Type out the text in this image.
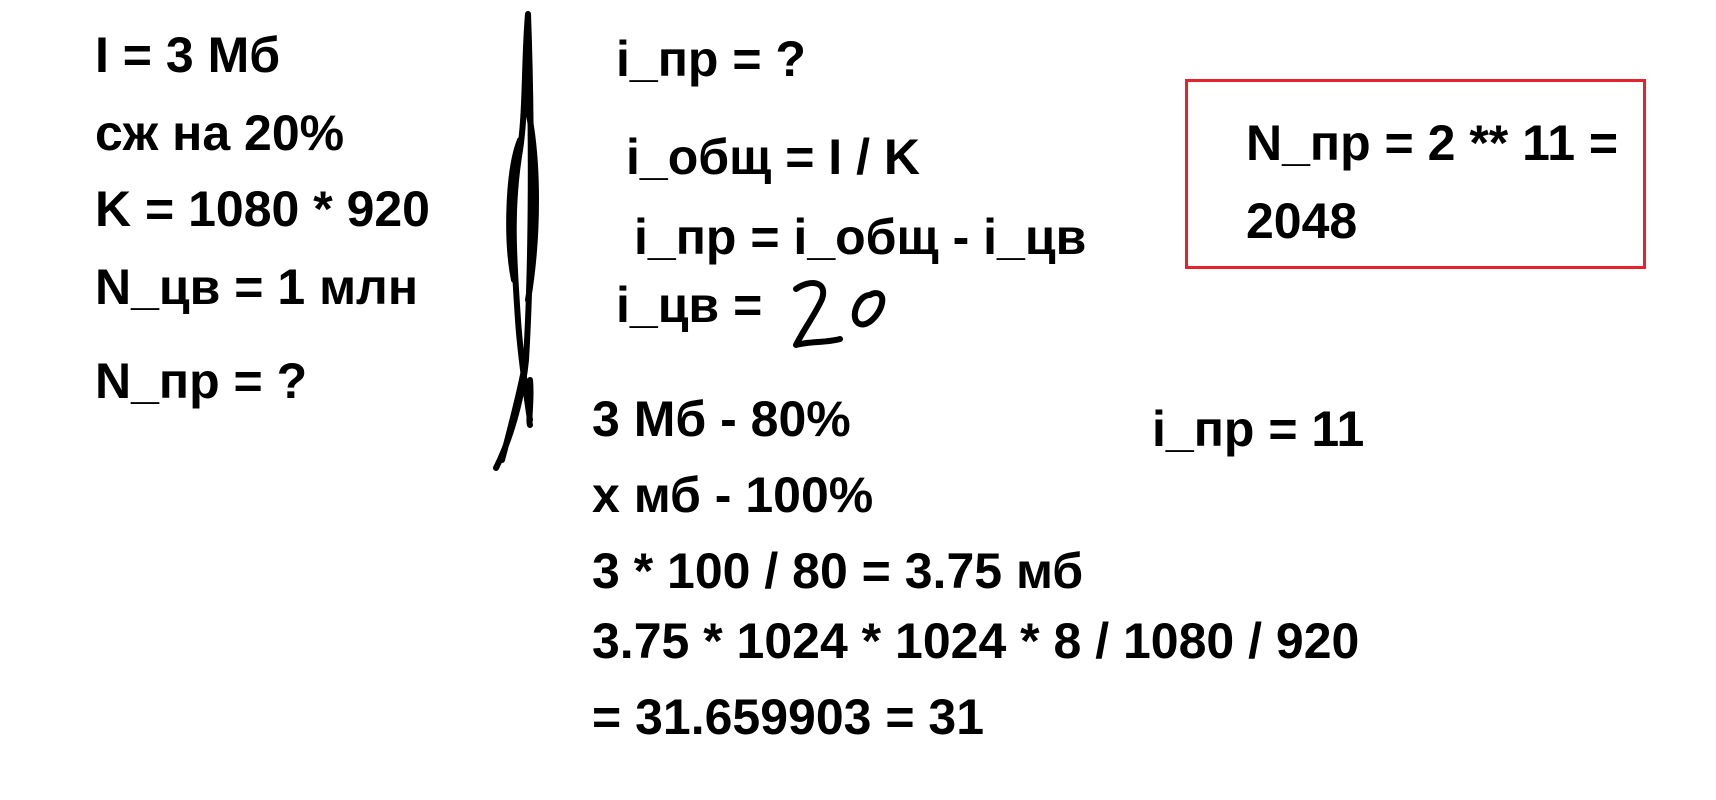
I = 3 Мб
сж на 20%
K = 1080 * 920
N_цв = 1 млн
N_пр = ?
i_пр = ?
i_общ = I / K
i_пр = i_общ - i_цв
i_цв =
3 Мб - 80%
x мб - 100%
3 * 100 / 80 = 3.75 мб
3.75 * 1024 * 1024 * 8 / 1080 / 920
= 31.659903 = 31
i_пр = 11
N_пр = 2 ** 11 =
2048
